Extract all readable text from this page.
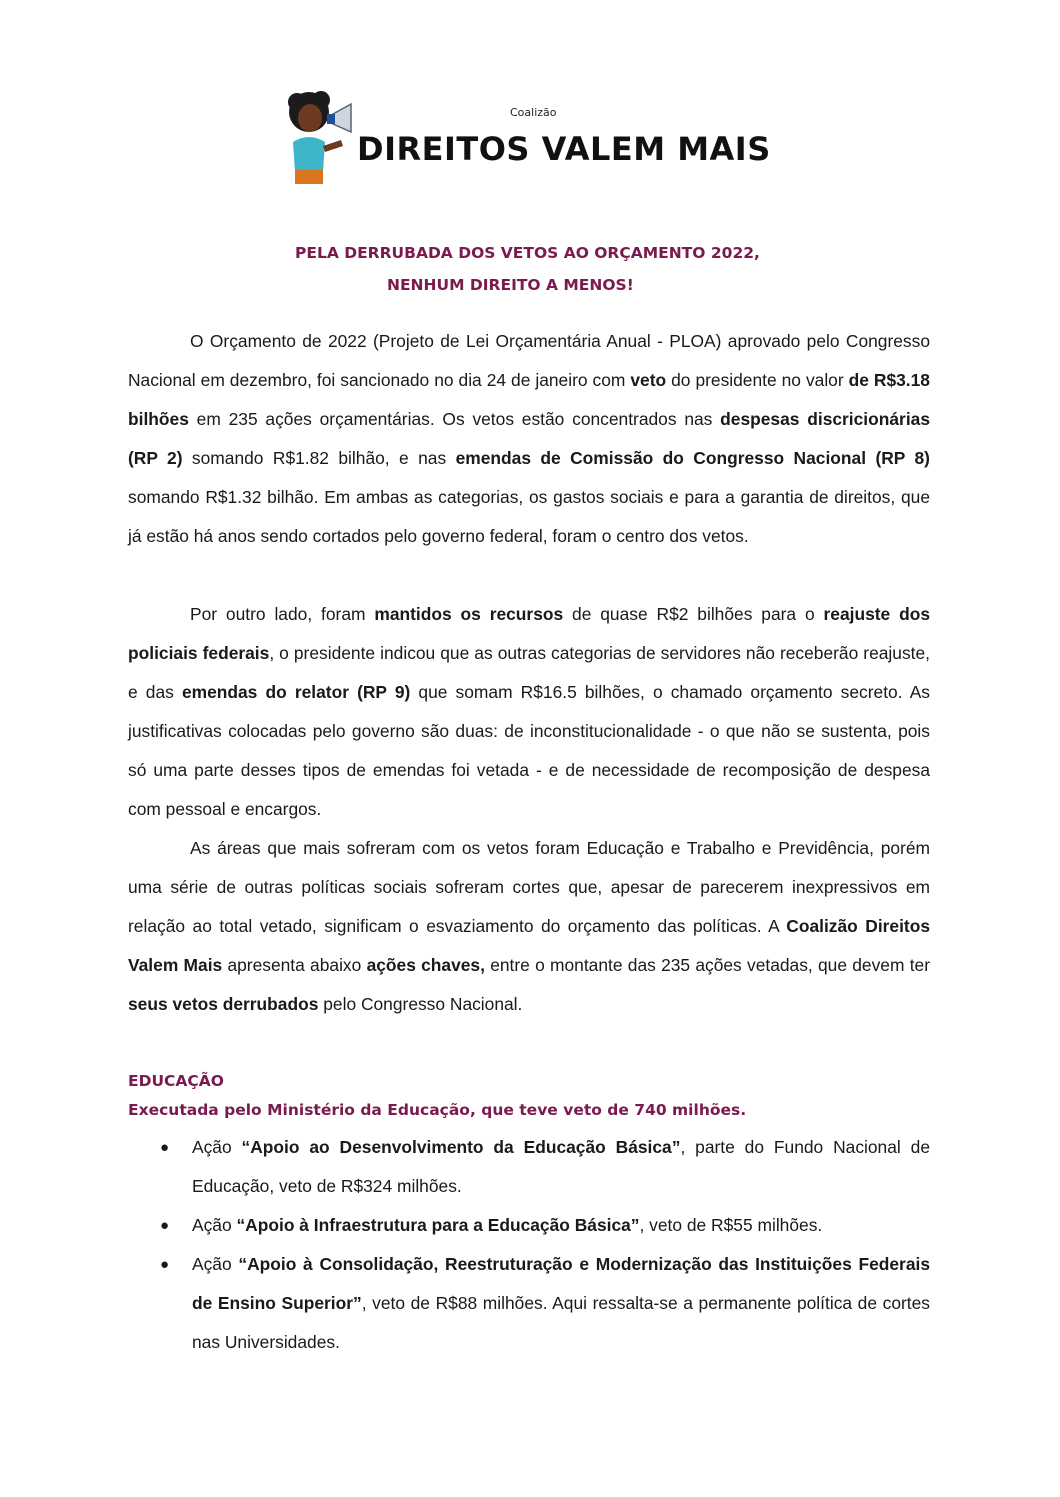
Coalizão
DIREITOS VALEM MAIS
PELA DERRUBADA DOS VETOS AO ORÇAMENTO 2022,
NENHUM DIREITO A MENOS!

O Orçamento de 2022 (Projeto de Lei Orçamentária Anual - PLOA) aprovado pelo Congresso Nacional em dezembro, foi sancionado no dia 24 de janeiro com veto do presidente no valor de R$3.18 bilhões em 235 ações orçamentárias. Os vetos estão concentrados nas despesas discricionárias (RP 2) somando R$1.82 bilhão, e nas emendas de Comissão do Congresso Nacional (RP 8) somando R$1.32 bilhão. Em ambas as categorias, os gastos sociais e para a garantia de direitos, que já estão há anos sendo cortados pelo governo federal, foram o centro dos vetos.

Por outro lado, foram mantidos os recursos de quase R$2 bilhões para o reajuste dos policiais federais, o presidente indicou que as outras categorias de servidores não receberão reajuste, e das emendas do relator (RP 9) que somam R$16.5 bilhões, o chamado orçamento secreto. As justificativas colocadas pelo governo são duas: de inconstitucionalidade - o que não se sustenta, pois só uma parte desses tipos de emendas foi vetada - e de necessidade de recomposição de despesa com pessoal e encargos.

As áreas que mais sofreram com os vetos foram Educação e Trabalho e Previdência, porém uma série de outras políticas sociais sofreram cortes que, apesar de parecerem inexpressivos em relação ao total vetado, significam o esvaziamento do orçamento das políticas. A Coalizão Direitos Valem Mais apresenta abaixo ações chaves, entre o montante das 235 ações vetadas, que devem ter seus vetos derrubados pelo Congresso Nacional.

EDUCAÇÃO
Executada pelo Ministério da Educação, que teve veto de 740 milhões.
● Ação “Apoio ao Desenvolvimento da Educação Básica”, parte do Fundo Nacional de Educação, veto de R$324 milhões.
● Ação “Apoio à Infraestrutura para a Educação Básica”, veto de R$55 milhões.
● Ação “Apoio à Consolidação, Reestruturação e Modernização das Instituições Federais de Ensino Superior”, veto de R$88 milhões. Aqui ressalta-se a permanente política de cortes nas Universidades.
